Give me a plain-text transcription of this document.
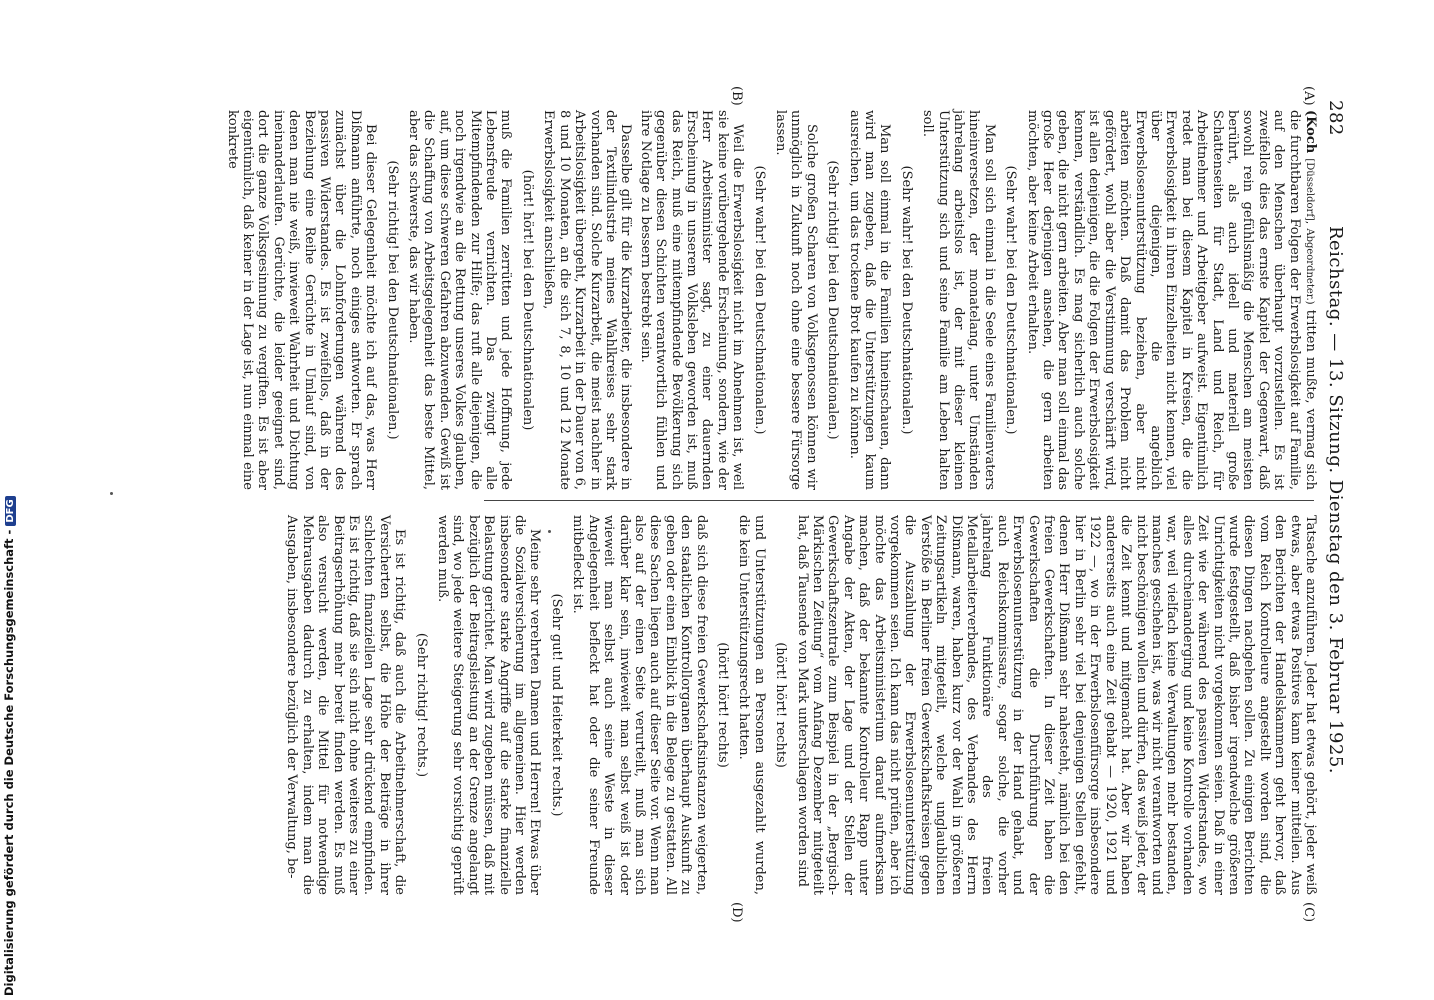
282
Reichstag. — 13. Sitzung. Dienstag den 3. Februar 1925.
(A)
(B)
(C)
(D)

(Koch [Düsseldorf], Abgeordneter.) tritten mußte, vermag sich die furchtbaren Folgen der Erwerbslosigkeit auf Familie, auf den Menschen überhaupt vorzustellen. Es ist zweifellos dies das ernste Kapitel der Gegenwart, daß sowohl rein gefühlsmäßig die Menschen am meisten berührt, als auch ideell und materiell große Schattenseiten für Stadt, Land und Reich, für Arbeitnehmer und Arbeitgeber aufweist. Eigentümlich redet man bei diesem Kapitel in Kreisen, die die Erwerbslosigkeit in ihren Einzelheiten nicht kennen, viel über diejenigen, die angeblich Erwerbslosenunterstützung beziehen, aber nicht arbeiten möchten. Daß damit das Problem nicht gefördert, wohl aber die Verstimmung verschärft wird, ist allen denjenigen, die die Folgen der Erwerbslosigkeit kennen, verständlich. Es mag sicherlich auch solche geben, die nicht gern arbeiten. Aber man soll einmal das große Heer derjenigen ansehen, die gern arbeiten möchten, aber keine Arbeit erhalten.

(Sehr wahr! bei den Deutschnationalen.)

Man soll sich einmal in die Seele eines Familienvaters hineinversetzen, der monatelang, unter Umständen jahrelang arbeitslos ist, der mit dieser kleinen Unterstützung sich und seine Familie am Leben halten soll.

(Sehr wahr! bei den Deutschnationalen.)

Man soll einmal in die Familien hineinschauen, dann wird man zugeben, daß die Unterstützungen kaum ausreichen, um das trockene Brot kaufen zu können.

(Sehr richtig! bei den Deutschnationalen.)

Solche großen Scharen von Volksgenossen können wir unmöglich in Zukunft noch ohne eine bessere Fürsorge lassen.

(Sehr wahr! bei den Deutschnationalen.)

Weil die Erwerbslosigkeit nicht im Abnehmen ist, weil sie keine vorübergehende Erscheinung, sondern, wie der Herr Arbeitsminister sagt, zu einer dauernden Erscheinung in unserem Volksleben geworden ist, muß das Reich, muß eine mitempfindende Bevölkerung sich gegenüber diesen Schichten verantwortlich fühlen und ihre Notlage zu bessern bestrebt sein.

Dasselbe gilt für die Kurzarbeiter, die insbesondere in der Textilindustrie meines Wahlkreises sehr stark vorhanden sind. Solche Kurzarbeit, die meist nachher in Arbeitslosigkeit übergeht, Kurzarbeit in der Dauer von 6, 8 und 10 Monaten, an die sich 7, 8, 10 und 12 Monate Erwerbslosigkeit anschließen,

(hört! hört! bei den Deutschnationalen)

muß die Familien zerrütten und jede Hoffnung, jede Lebensfreude vernichten. Das zwingt alle Mitempfindenden zur Hilfe; das ruft alle diejenigen, die noch irgendwie an die Rettung unseres Volkes glauben, auf, um diese schweren Gefahren abzuwenden. Gewiß ist die Schaffung von Arbeitsgelegenheit das beste Mittel, aber das schwerste, das wir haben.

(Sehr richtig! bei den Deutschnationalen.)

Bei dieser Gelegenheit möchte ich auf das, was Herr Dißmann anführte, noch einiges antworten. Er sprach zunächst über die Lohnforderungen während des passiven Widerstandes. Es ist zweifellos, daß in der Beziehung eine Reihe Gerüchte in Umlauf sind, von denen man nie weiß, inwieweit Wahrheit und Dichtung ineinanderlaufen. Gerüchte, die leider geeignet sind, dort die ganze Volksgesinnung zu vergiften. Es ist aber eigentümlich, daß keiner in der Lage ist, nun einmal eine konkrete

Tatsache anzuführen. Jeder hat etwas gehört, jeder weiß etwas, aber etwas Positives kann keiner mitteilen. Aus den Berichten der Handelskammern geht hervor, daß vom Reich Kontrolleure angestellt worden sind, die diesen Dingen nachgehen sollen. Zu einigen Berichten wurde festgestellt, daß bisher irgendwelche größeren Unrichtigkeiten nicht vorgekommen seien. Daß in einer Zeit wie der während des passiven Widerstandes, wo alles durcheinanderging und keine Kontrolle vorhanden war, weil vielfach keine Verwaltungen mehr bestanden, manches geschehen ist, was wir nicht verantworten und nicht beschönigen wollen und dürfen, das weiß jeder, der die Zeit kennt und mitgemacht hat. Aber wir haben andererseits auch eine Zeit gehabt — 1920, 1921 und 1922 —, wo in der Erwerbslosenfürsorge insbesondere hier in Berlin sehr viel bei denjenigen Stellen gefehlt, denen Herr Dißmann sehr nahesteht, nämlich bei den freien Gewerkschaften. In dieser Zeit haben die Gewerkschaften die Durchführung der Erwerbslosenunterstützung in der Hand gehabt, und auch Reichskommissare, sogar solche, die vorher jahrelang Funktionäre des freien Metallarbeiterverbandes, des Verbandes des Herrn Dißmann, waren, haben kurz vor der Wahl in größeren Zeitungsartikeln mitgeteilt, welche unglaublichen Verstöße in Berliner freien Gewerkschaftskreisen gegen die Auszahlung der Erwerbslosenunterstützung vorgekommen seien. Ich kann das nicht prüfen, aber ich möchte das Arbeitsministerium darauf aufmerksam machen, daß der bekannte Kontrolleur Rapp unter Angabe der Akten, der Lage und der Stellen der Gewerkschaftszentrale zum Beispiel in der „Bergisch-Märkischen Zeitung“ vom Anfang Dezember mitgeteilt hat, daß Tausende von Mark unterschlagen worden sind

(hört! hört! rechts)

und Unterstützungen an Personen ausgezahlt wurden, die kein Unterstützungsrecht hatten.

(hört! hört! rechts)

daß sich diese freien Gewerkschaftsinstanzen weigerten, den staatlichen Kontrollorganen überhaupt Auskunft zu geben oder einen Einblick in die Belege zu gestatten. All diese Sachen liegen auch auf dieser Seite vor. Wenn man also auf der einen Seite verurteilt, muß man sich darüber klar sein, inwieweit man selbst weiß ist oder wieweit man selbst auch seine Weste in dieser Angelegenheit befleckt hat oder die seiner Freunde mitbefleckt ist.

(Sehr gut! und Heiterkeit rechts.)

Meine sehr verehrten Damen und Herren! Etwas über die Sozialversicherung im allgemeinen. Hier werden insbesondere starke Angriffe auf die starke finanzielle Belastung gerichtet. Man wird zugeben müssen, daß mit bezüglich der Beitragsleistung an der Grenze angelangt sind, wo jede weitere Steigerung sehr vorsichtig geprüft werden muß.

(Sehr richtig! rechts.)

Es ist richtig, daß auch die Arbeitnehmerschaft, die Versicherten selbst, die Höhe der Beiträge in ihrer schlechten finanziellen Lage sehr drückend empfinden. Es ist richtig, daß sie sich nicht ohne weiteres zu einer Beitragserhöhung mehr bereit finden werden. Es muß also versucht werden, die Mittel für notwendige Mehrausgaben dadurch zu erhalten, indem man die Ausgaben, insbesondere bezüglich der Verwaltung, be-

Digitalisierung gefördert durch die Deutsche Forschungsgemeinschaft -DFG
